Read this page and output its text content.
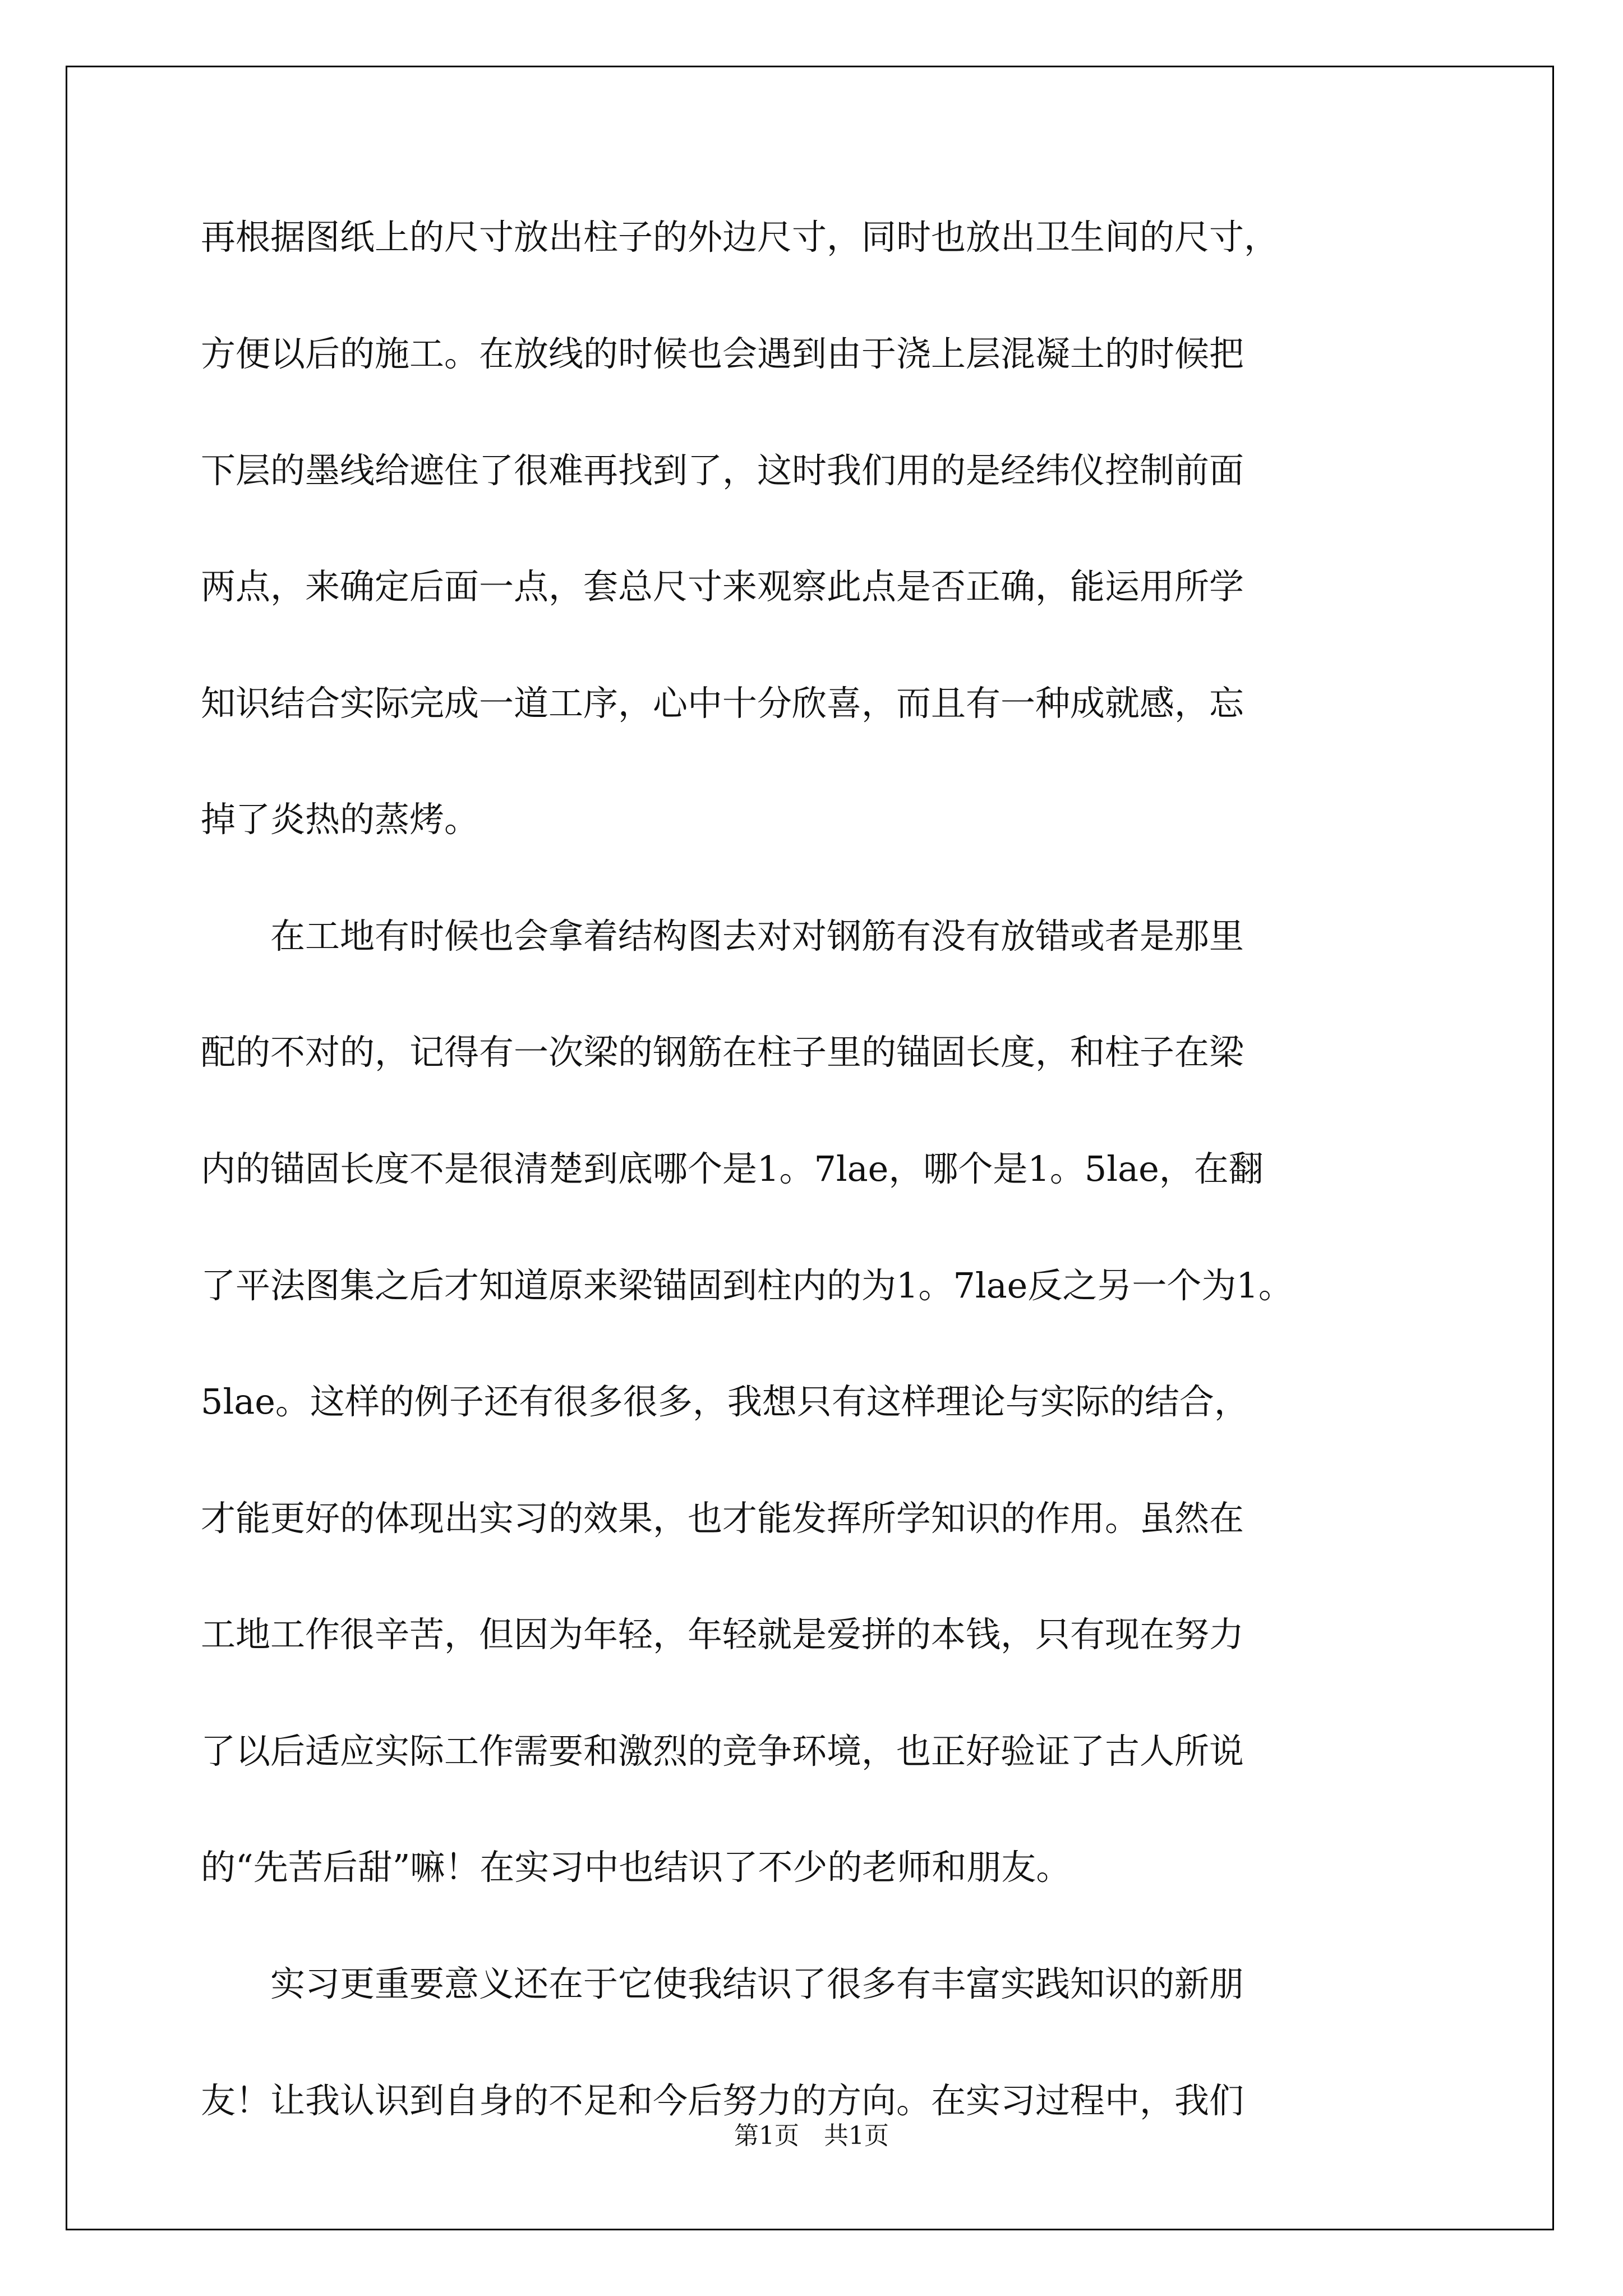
再根据图纸上的尺寸放出柱子的外边尺寸，同时也放出卫生间的尺寸，
方便以后的施工。在放线的时候也会遇到由于浇上层混凝土的时候把
下层的墨线给遮住了很难再找到了，这时我们用的是经纬仪控制前面
两点，来确定后面一点，套总尺寸来观察此点是否正确，能运用所学
知识结合实际完成一道工序，心中十分欣喜，而且有一种成就感，忘
掉了炎热的蒸烤。
　　在工地有时候也会拿着结构图去对对钢筋有没有放错或者是那里
配的不对的，记得有一次梁的钢筋在柱子里的锚固长度，和柱子在梁
内的锚固长度不是很清楚到底哪个是1。7lae，哪个是1。5lae，在翻
了平法图集之后才知道原来梁锚固到柱内的为1。7lae反之另一个为1。
5lae。这样的例子还有很多很多，我想只有这样理论与实际的结合，
才能更好的体现出实习的效果，也才能发挥所学知识的作用。虽然在
工地工作很辛苦，但因为年轻，年轻就是爱拼的本钱，只有现在努力
了以后适应实际工作需要和激烈的竞争环境，也正好验证了古人所说
的“先苦后甜”嘛！在实习中也结识了不少的老师和朋友。
　　实习更重要意义还在于它使我结识了很多有丰富实践知识的新朋
友！让我认识到自身的不足和今后努力的方向。在实习过程中，我们
第1页　共1页
